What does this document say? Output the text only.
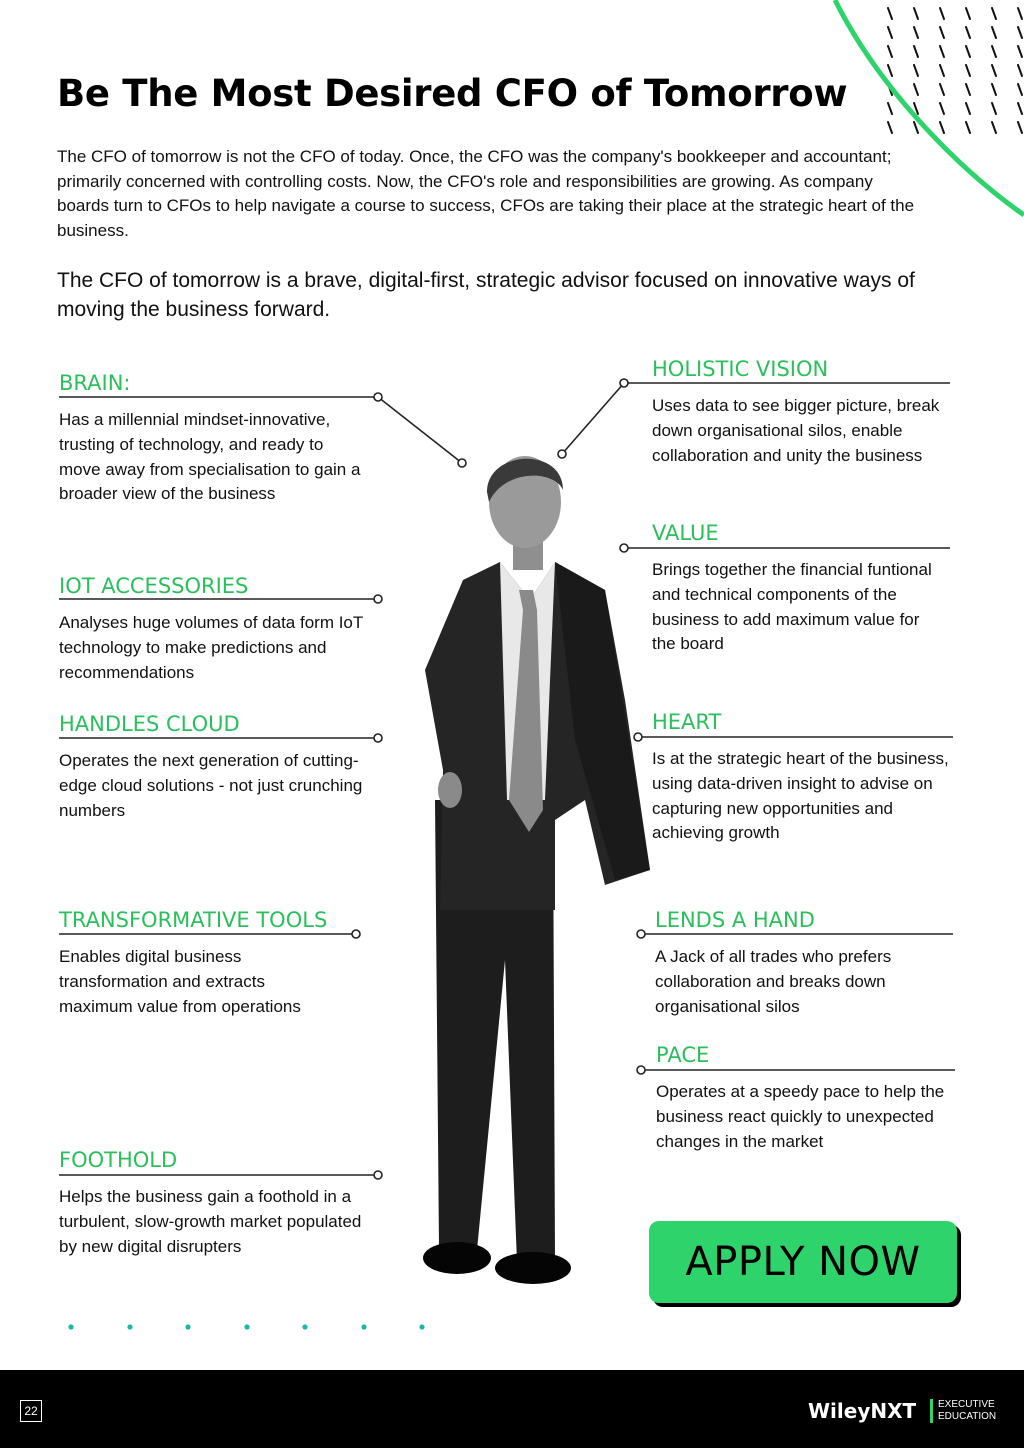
Be The Most Desired CFO of Tomorrow

The CFO of tomorrow is not the CFO of today. Once, the CFO was the company's bookkeeper and accountant; primarily concerned with controlling costs. Now, the CFO's role and responsibilities are growing. As company boards turn to CFOs to help navigate a course to success, CFOs are taking their place at the strategic heart of the business.

The CFO of tomorrow is a brave, digital-first, strategic advisor focused on innovative ways of moving the business forward.

BRAIN:

Has a millennial mindset-innovative, trusting of technology, and ready to move away from specialisation to gain a broader view of the business

IOT ACCESSORIES

Analyses huge volumes of data form IoT technology to make predictions and recommendations

HANDLES CLOUD

Operates the next generation of cutting-edge cloud solutions - not just crunching numbers

TRANSFORMATIVE TOOLS

Enables digital business transformation and extracts maximum value from operations

FOOTHOLD

Helps the business gain a foothold in a turbulent, slow-growth market populated by new digital disrupters

HOLISTIC VISION

Uses data to see bigger picture, break down organisational silos, enable collaboration and unity the business

VALUE

Brings together the financial funtional and technical components of the business to add maximum value for the board

HEART

Is at the strategic heart of the business, using data-driven insight to advise on capturing new opportunities and achieving growth

LENDS A HAND

A Jack of all trades who prefers collaboration and breaks down organisational silos

PACE

Operates at a speedy pace to help the business react quickly to unexpected changes in the market

APPLY NOW
22	WileyNXT EXECUTIVE
EDUCATION
